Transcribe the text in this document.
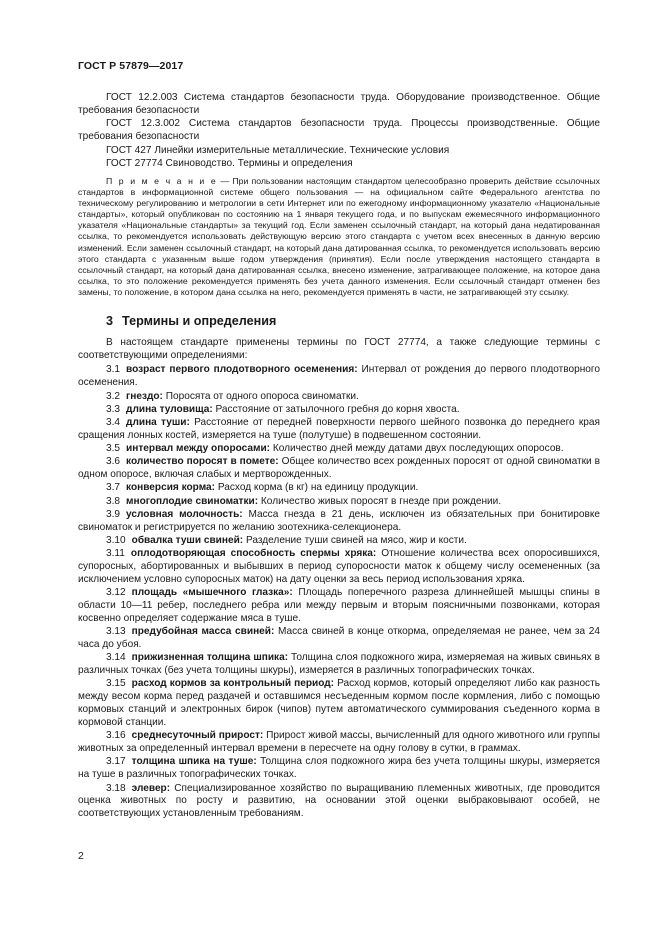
ГОСТ Р 57879—2017

ГОСТ 12.2.003 Система стандартов безопасности труда. Оборудование производственное. Общие требования безопасности

ГОСТ 12.3.002 Система стандартов безопасности труда. Процессы производственные. Общие требования безопасности

ГОСТ 427 Линейки измерительные металлические. Технические условия

ГОСТ 27774 Свиноводство. Термины и определения

П р и м е ч а н и е — При пользовании настоящим стандартом целесообразно проверить действие ссылочных стандартов в информационной системе общего пользования — на официальном сайте Федерального агентства по техническому регулированию и метрологии в сети Интернет или по ежегодному информационному указателю «Национальные стандарты», который опубликован по состоянию на 1 января текущего года, и по выпускам ежемесячного информационного указателя «Национальные стандарты» за текущий год. Если заменен ссылочный стандарт, на который дана недатированная ссылка, то рекомендуется использовать действующую версию этого стандарта с учетом всех внесенных в данную версию изменений. Если заменен ссылочный стандарт, на который дана датированная ссылка, то рекомендуется использовать версию этого стандарта с указанным выше годом утверждения (принятия). Если после утверждения настоящего стандарта в ссылочный стандарт, на который дана датированная ссылка, внесено изменение, затрагивающее положение, на которое дана ссылка, то это положение рекомендуется применять без учета данного изменения. Если ссылочный стандарт отменен без замены, то положение, в котором дана ссылка на него, рекомендуется применять в части, не затрагивающей эту ссылку.

3 Термины и определения

В настоящем стандарте применены термины по ГОСТ 27774, а также следующие термины с соответствующими определениями:

3.1 возраст первого плодотворного осеменения: Интервал от рождения до первого плодотворного осеменения.

3.2 гнездо: Поросята от одного опороса свиноматки.

3.3 длина туловища: Расстояние от затылочного гребня до корня хвоста.

3.4 длина туши: Расстояние от передней поверхности первого шейного позвонка до переднего края сращения лонных костей, измеряется на туше (полутуше) в подвешенном состоянии.

3.5 интервал между опоросами: Количество дней между датами двух последующих опоросов.

3.6 количество поросят в помете: Общее количество всех рожденных поросят от одной свиноматки в одном опоросе, включая слабых и мертворожденных.

3.7 конверсия корма: Расход корма (в кг) на единицу продукции.

3.8 многоплодие свиноматки: Количество живых поросят в гнезде при рождении.

3.9 условная молочность: Масса гнезда в 21 день, исключен из обязательных при бонитировке свиноматок и регистрируется по желанию зоотехника-селекционера.

3.10 обвалка туши свиней: Разделение туши свиней на мясо, жир и кости.

3.11 оплодотворяющая способность спермы хряка: Отношение количества всех опоросившихся, супоросных, абортированных и выбывших в период супоросности маток к общему числу осемененных (за исключением условно супоросных маток) на дату оценки за весь период использования хряка.

3.12 площадь «мышечного глазка»: Площадь поперечного разреза длиннейшей мышцы спины в области 10—11 ребер, последнего ребра или между первым и вторым поясничными позвонками, которая косвенно определяет содержание мяса в туше.

3.13 предубойная масса свиней: Масса свиней в конце откорма, определяемая не ранее, чем за 24 часа до убоя.

3.14 прижизненная толщина шпика: Толщина слоя подкожного жира, измеряемая на живых свиньях в различных точках (без учета толщины шкуры), измеряется в различных топографических точках.

3.15 расход кормов за контрольный период: Расход кормов, который определяют либо как разность между весом корма перед раздачей и оставшимся несъеденным кормом после кормления, либо с помощью кормовых станций и электронных бирок (чипов) путем автоматического суммирования съеденного корма в кормовой станции.

3.16 среднесуточный прирост: Прирост живой массы, вычисленный для одного животного или группы животных за определенный интервал времени в пересчете на одну голову в сутки, в граммах.

3.17 толщина шпика на туше: Толщина слоя подкожного жира без учета толщины шкуры, измеряется на туше в различных топографических точках.

3.18 элевер: Специализированное хозяйство по выращиванию племенных животных, где проводится оценка животных по росту и развитию, на основании этой оценки выбраковывают особей, не соответствующих установленным требованиям.

2
